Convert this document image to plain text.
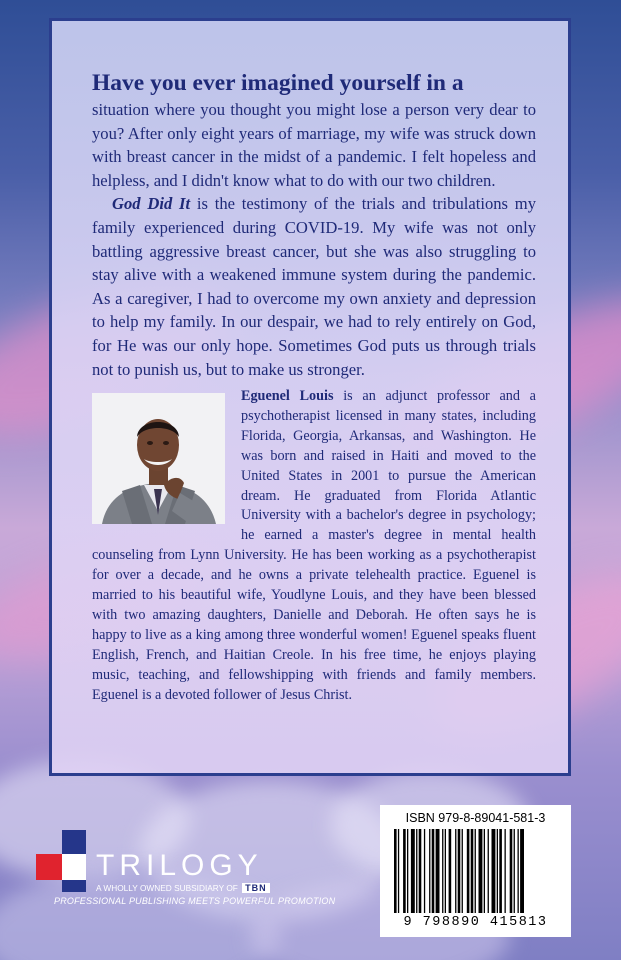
Have you ever imagined yourself in a
situation where you thought you might lose a person very dear to you? After only eight years of marriage, my wife was struck down with breast cancer in the midst of a pandemic. I felt hopeless and helpless, and I didn't know what to do with our two children.

God Did It is the testimony of the trials and tribulations my family experienced during COVID-19. My wife was not only battling aggressive breast cancer, but she was also struggling to stay alive with a weakened immune system during the pandemic. As a caregiver, I had to overcome my own anxiety and depression to help my family. In our despair, we had to rely entirely on God, for He was our only hope. Sometimes God puts us through trials not to punish us, but to make us stronger.

Eguenel Louis is an adjunct professor and a psychotherapist licensed in many states, including Florida, Georgia, Arkansas, and Washington. He was born and raised in Haiti and moved to the United States in 2001 to pursue the American dream. He graduated from Florida Atlantic University with a bachelor's degree in psychology; he earned a master's degree in mental health counseling from Lynn University. He has been working as a psychotherapist for over a decade, and he owns a private telehealth practice. Eguenel is married to his beautiful wife, Youdlyne Louis, and they have been blessed with two amazing daughters, Danielle and Deborah. He often says he is happy to live as a king among three wonderful women! Eguenel speaks fluent English, French, and Haitian Creole. In his free time, he enjoys playing music, teaching, and fellowshipping with friends and family members. Eguenel is a devoted follower of Jesus Christ.
ISBN 979-8-89041-581-3
9 798890 415813
TRILOGY
A WHOLLY OWNED SUBSIDIARY OF TBN
PROFESSIONAL PUBLISHING MEETS POWERFUL PROMOTION
